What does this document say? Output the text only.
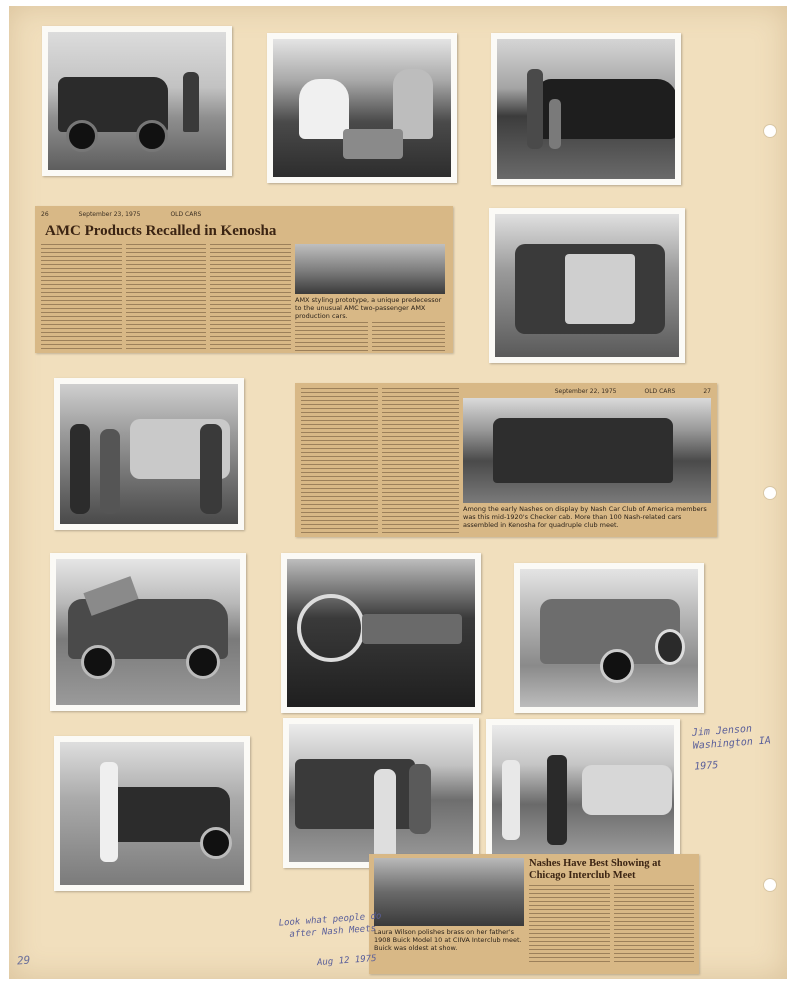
26	September 23, 1975	OLD CARS
AMC Products Recalled in Kenosha
AMX styling prototype, a unique predecessor to the unusual AMC two-passenger AMX production cars.
September 22, 1975	OLD CARS	27
Among the early Nashes on display by Nash Car Club of America members was this mid-1920's Checker cab. More than 100 Nash-related cars assembled in Kenosha for quadruple club meet.
Laura Wilson polishes brass on her father's 1908 Buick Model 10 at CIIVA Interclub meet. Buick was oldest at show.
Nashes Have Best Showing at Chicago Interclub Meet
Jim Jenson
Washington IA
1975
Look what people do
after Nash Meets
Aug 12 1975
29
